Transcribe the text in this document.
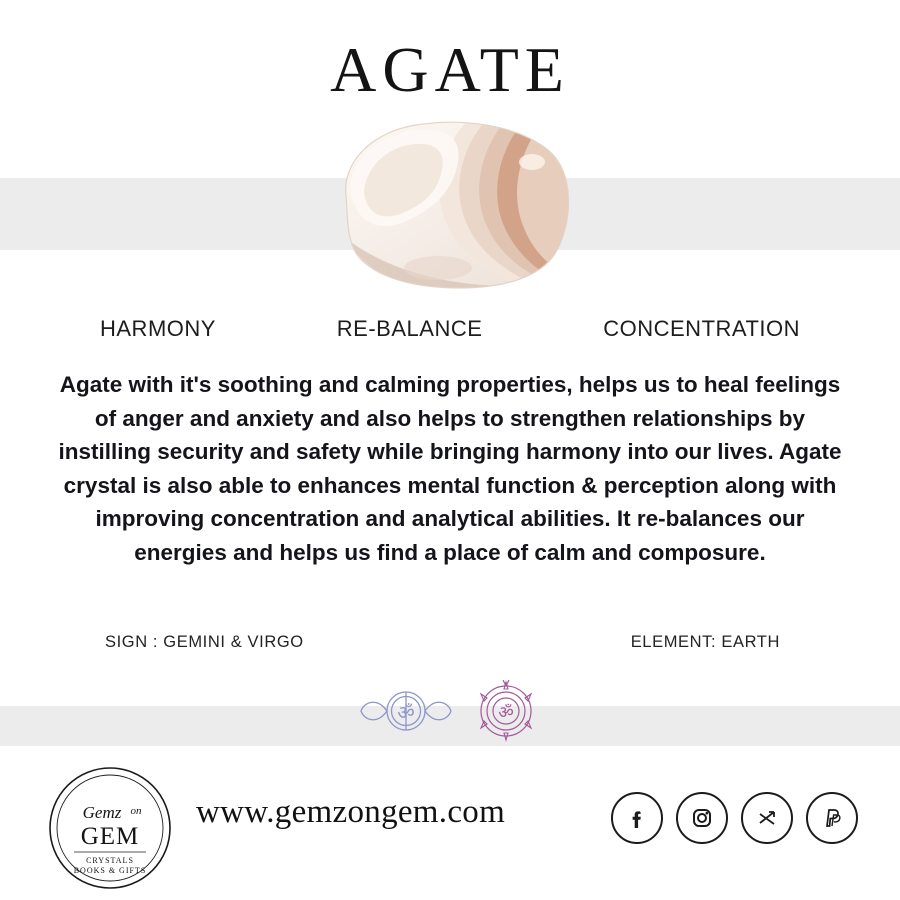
AGATE
HARMONY	RE-BALANCE	CONCENTRATION
Agate with it's soothing and calming properties, helps us to heal feelings of anger and anxiety and also helps to strengthen relationships by instilling security and safety while bringing harmony into our lives. Agate crystal is also able to enhances mental function & perception along with improving concentration and analytical abilities. It re-balances our energies and helps us find a place of calm and composure.
SIGN : GEMINI & VIRGO	ELEMENT: EARTH
ॐ	ॐ
Gemz on
GEM
CRYSTALS
BOOKS & GIFTS
www.gemzongem.com
